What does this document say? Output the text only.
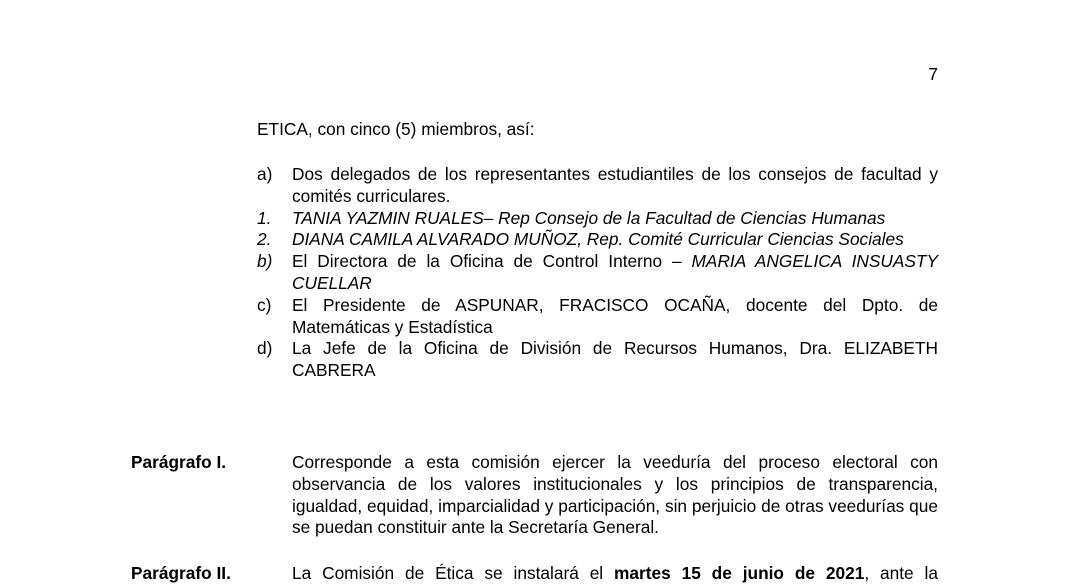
7
ETICA, con cinco (5) miembros, así:
a)	Dos delegados de los representantes estudiantiles de los consejos de facultad y comités curriculares.
1.	TANIA YAZMIN RUALES– Rep Consejo de la Facultad de Ciencias Humanas
2.	DIANA CAMILA ALVARADO MUÑOZ, Rep. Comité Curricular Ciencias Sociales
b)	El Directora de la Oficina de Control Interno – MARIA ANGELICA INSUASTY CUELLAR
c)	El Presidente de ASPUNAR, FRACISCO OCAÑA, docente del Dpto. de Matemáticas y Estadística
d)	La Jefe de la Oficina de División de Recursos Humanos, Dra. ELIZABETH CABRERA
Parágrafo I.	Corresponde a esta comisión ejercer la veeduría del proceso electoral con observancia de los valores institucionales y los principios de transparencia, igualdad, equidad, imparcialidad y participación, sin perjuicio de otras veedurías que se puedan constituir ante la Secretaría General.
Parágrafo II.	La Comisión de Ética se instalará el martes 15 de junio de 2021, ante la
